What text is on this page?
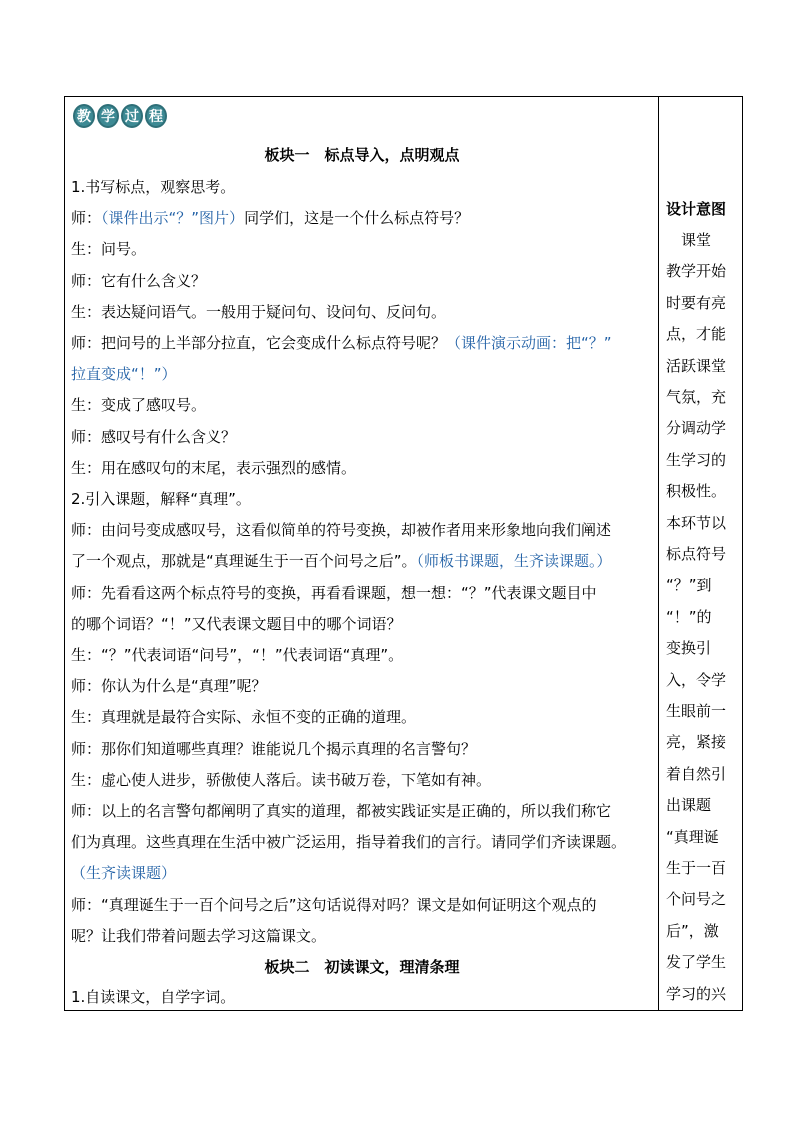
教 学 过 程
板块一　标点导入，点明观点
1.书写标点，观察思考。
师：（课件出示“？”图片）同学们，这是一个什么标点符号？
生：问号。
师：它有什么含义？
生：表达疑问语气。一般用于疑问句、设问句、反问句。
师：把问号的上半部分拉直，它会变成什么标点符号呢？（课件演示动画：把“？”
拉直变成“！”）
生：变成了感叹号。
师：感叹号有什么含义？
生：用在感叹句的末尾，表示强烈的感情。
2.引入课题，解释“真理”。
师：由问号变成感叹号，这看似简单的符号变换，却被作者用来形象地向我们阐述
了一个观点，那就是“真理诞生于一百个问号之后”。（师板书课题，生齐读课题。）
师：先看看这两个标点符号的变换，再看看课题，想一想：“？”代表课文题目中
的哪个词语？“！”又代表课文题目中的哪个词语？
生：“？”代表词语“问号”，“！”代表词语“真理”。
师：你认为什么是“真理”呢？
生：真理就是最符合实际、永恒不变的正确的道理。
师：那你们知道哪些真理？谁能说几个揭示真理的名言警句？
生：虚心使人进步，骄傲使人落后。读书破万卷，下笔如有神。
师：以上的名言警句都阐明了真实的道理，都被实践证实是正确的，所以我们称它
们为真理。这些真理在生活中被广泛运用，指导着我们的言行。请同学们齐读课题。
（生齐读课题）
师：“真理诞生于一百个问号之后”这句话说得对吗？课文是如何证明这个观点的
呢？让我们带着问题去学习这篇课文。
板块二　初读课文，理清条理
1.自读课文，自学字词。
设计意图
　课堂
教学开始
时要有亮
点，才能
活跃课堂
气氛，充
分调动学
生学习的
积极性。
本环节以
标点符号
“？”到
“！”的
变换引
入，令学
生眼前一
亮，紧接
着自然引
出课题
“真理诞
生于一百
个问号之
后”，激
发了学生
学习的兴
